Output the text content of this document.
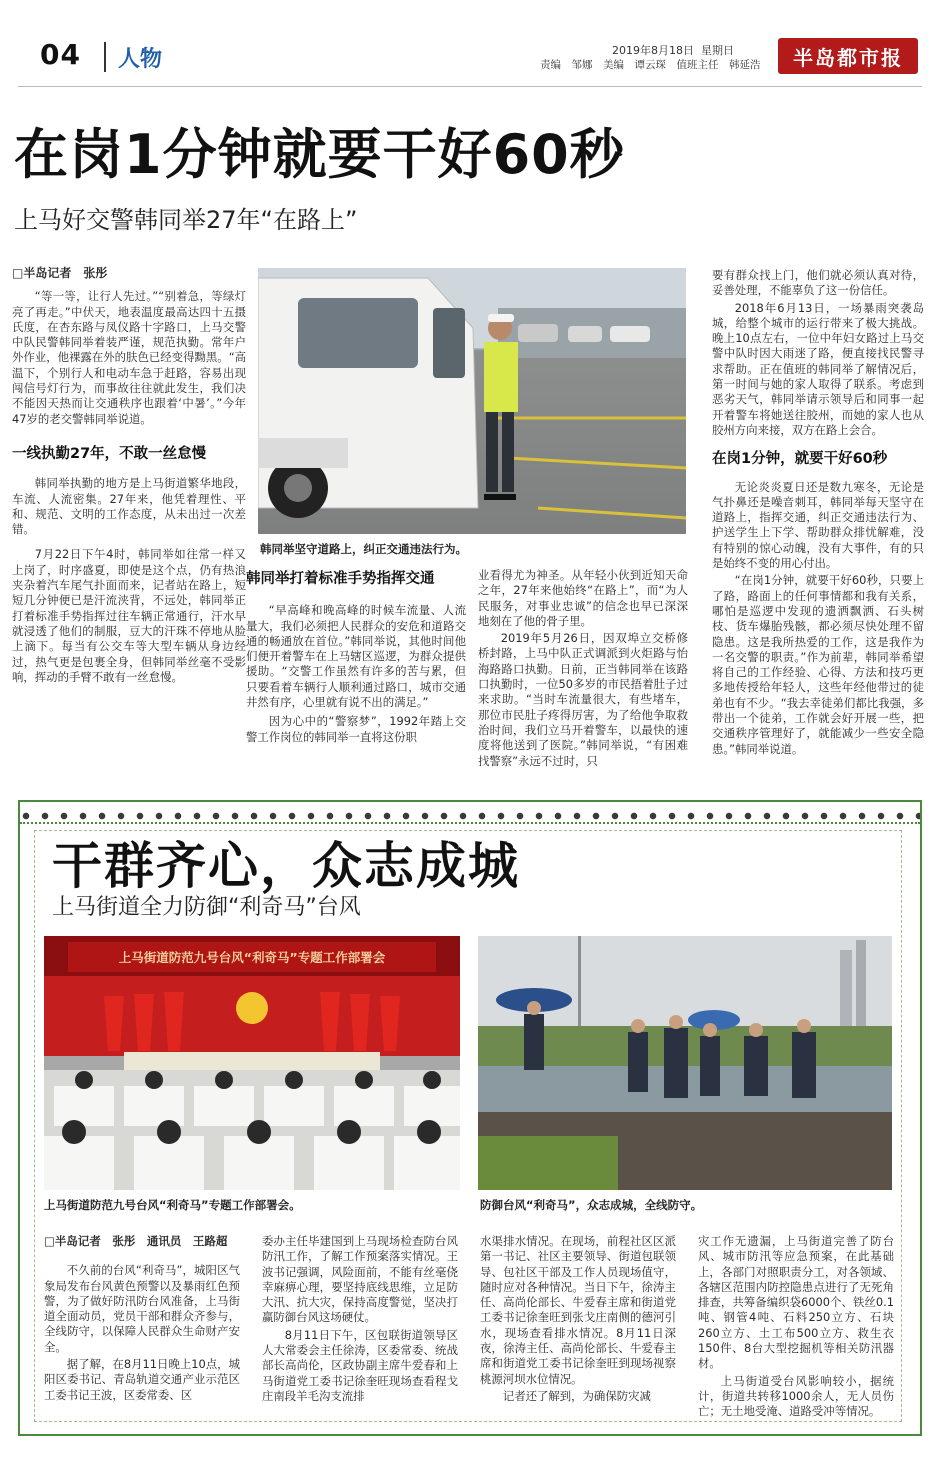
04 人物	2019年8月18日 星期日
责编　邹娜　美编　谭云琛　值班主任　韩延浩 半岛都市报
在岗1分钟就要干好60秒
上马好交警韩同举27年“在路上”
□半岛记者　张彤

“等一等，让行人先过。”“别着急，等绿灯亮了再走。”中伏天，地表温度最高达四十五摄氏度，在杏东路与凤仪路十字路口，上马交警中队民警韩同举着装严谨，规范执勤。常年户外作业，他裸露在外的肤色已经变得黝黑。“高温下，个别行人和电动车急于赶路，容易出现闯信号灯行为，而事故往往就此发生，我们决不能因天热而让交通秩序也跟着‘中暑’。”今年47岁的老交警韩同举说道。

一线执勤27年，不敢一丝怠慢

韩同举执勤的地方是上马街道繁华地段，车流、人流密集。27年来，他凭着理性、平和、规范、文明的工作态度，从未出过一次差错。

7月22日下午4时，韩同举如往常一样又上岗了，时序盛夏，即使是这个点，仍有热浪夹杂着汽车尾气扑面而来，记者站在路上，短短几分钟便已是汗流浃背，不远处，韩同举正打着标准手势指挥过往车辆正常通行，汗水早就浸透了他们的制服，豆大的汗珠不停地从脸上滴下。每当有公交车等大型车辆从身边经过，热气更是包裹全身，但韩同举丝毫不受影响，挥动的手臂不敢有一丝怠慢。

韩同举坚守道路上，纠正交通违法行为。
韩同举打着标准手势指挥交通

“早高峰和晚高峰的时候车流量、人流量大，我们必须把人民群众的安危和道路交通的畅通放在首位。”韩同举说，其他时间他们便开着警车在上马辖区巡逻，为群众提供援助。“交警工作虽然有许多的苦与累，但只要看着车辆行人顺利通过路口，城市交通井然有序，心里就有说不出的满足。”

因为心中的“警察梦”，1992年踏上交警工作岗位的韩同举一直将这份职

业看得尤为神圣。从年轻小伙到近知天命之年，27年来他始终“在路上”，而“为人民服务，对事业忠诚”的信念也早已深深地刻在了他的骨子里。

2019年5月26日，因双埠立交桥修桥封路，上马中队正式调派到火炬路与怡海路路口执勤。日前，正当韩同举在该路口执勤时，一位50多岁的市民捂着肚子过来求助。“当时车流量很大，有些堵车，那位市民肚子疼得厉害，为了给他争取救治时间，我们立马开着警车，以最快的速度将他送到了医院。”韩同举说，“有困难找警察”永远不过时，只

要有群众找上门，他们就必须认真对待，妥善处理，不能辜负了这一份信任。

2018年6月13日，一场暴雨突袭岛城，给整个城市的运行带来了极大挑战。晚上10点左右，一位中年妇女路过上马交警中队时因大雨迷了路，便直接找民警寻求帮助。正在值班的韩同举了解情况后，第一时间与她的家人取得了联系。考虑到恶劣天气，韩同举请示领导后和同事一起开着警车将她送往胶州，而她的家人也从胶州方向来接，双方在路上会合。

在岗1分钟，就要干好60秒

无论炎炎夏日还是数九寒冬，无论是气扑鼻还是噪音刺耳，韩同举每天坚守在道路上，指挥交通，纠正交通违法行为、护送学生上下学、帮助群众排忧解难，没有特别的惊心动魄，没有大事件，有的只是始终不变的用心付出。

“在岗1分钟，就要干好60秒，只要上了路，路面上的任何事情都和我有关系，哪怕是巡逻中发现的遗洒飘洒、石头树枝、货车爆胎残骸，都必须尽快处理不留隐患。这是我所热爱的工作，这是我作为一名交警的职责。”作为前辈，韩同举希望将自己的工作经验、心得、方法和技巧更多地传授给年轻人，这些年经他带过的徒弟也有不少。“我去幸徒弟们都比我强，多带出一个徒弟，工作就会好开展一些，把交通秩序管理好了，就能减少一些安全隐患。”韩同举说道。

干群齐心，众志成城
上马街道全力防御“利奇马”台风
上马街道防范九号台风“利奇马”专题工作部署会
上马街道防范九号台风“利奇马”专题工作部署会。	防御台风“利奇马”，众志成城，全线防守。
□半岛记者　张彤　通讯员　王路超

不久前的台风“利奇马”，城阳区气象局发布台风黄色预警以及暴雨红色预警，为了做好防汛防台风准备，上马街道全面动员，党员干部和群众齐参与，全线防守，以保障人民群众生命财产安全。

据了解，在8月11日晚上10点，城阳区委书记、青岛轨道交通产业示范区工委书记王波，区委常委、区

委办主任毕建国到上马现场检查防台风防汛工作，了解工作预案落实情况。王波书记强调，风险面前，不能有丝毫侥幸麻痹心理，要坚持底线思维，立足防大汛、抗大灾，保持高度警觉，坚决打赢防御台风这场硬仗。

8月11日下午，区包联街道领导区人大常委会主任徐涛，区委常委、统战部长高尚伦，区政协副主席牛爱春和上马街道党工委书记徐奎旺现场查看程戈庄南段羊毛沟支流排

水渠排水情况。在现场，前程社区区派第一书记、社区主要领导、街道包联领导、包社区干部及工作人员现场值守，随时应对各种情况。当日下午，徐涛主任、高尚伦部长、牛爱春主席和街道党工委书记徐奎旺到张戈庄南侧的德河引水，现场查看排水情况。8月11日深夜，徐涛主任、高尚伦部长、牛爱春主席和街道党工委书记徐奎旺到现场视察桃源河坝水位情况。

记者还了解到，为确保防灾减

灾工作无遗漏，上马街道完善了防台风、城市防汛等应急预案，在此基础上，各部门对照职责分工，对各领域、各辖区范围内防控隐患点进行了无死角排查，共筹备编织袋6000个、铁丝0.1吨、钢管4吨、石料250立方、石块260立方、土工布500立方、救生衣150件、8台大型挖掘机等相关防汛器材。

上马街道受台风影响较小，据统计，街道共转移1000余人，无人员伤亡；无土地受淹、道路受冲等情况。
